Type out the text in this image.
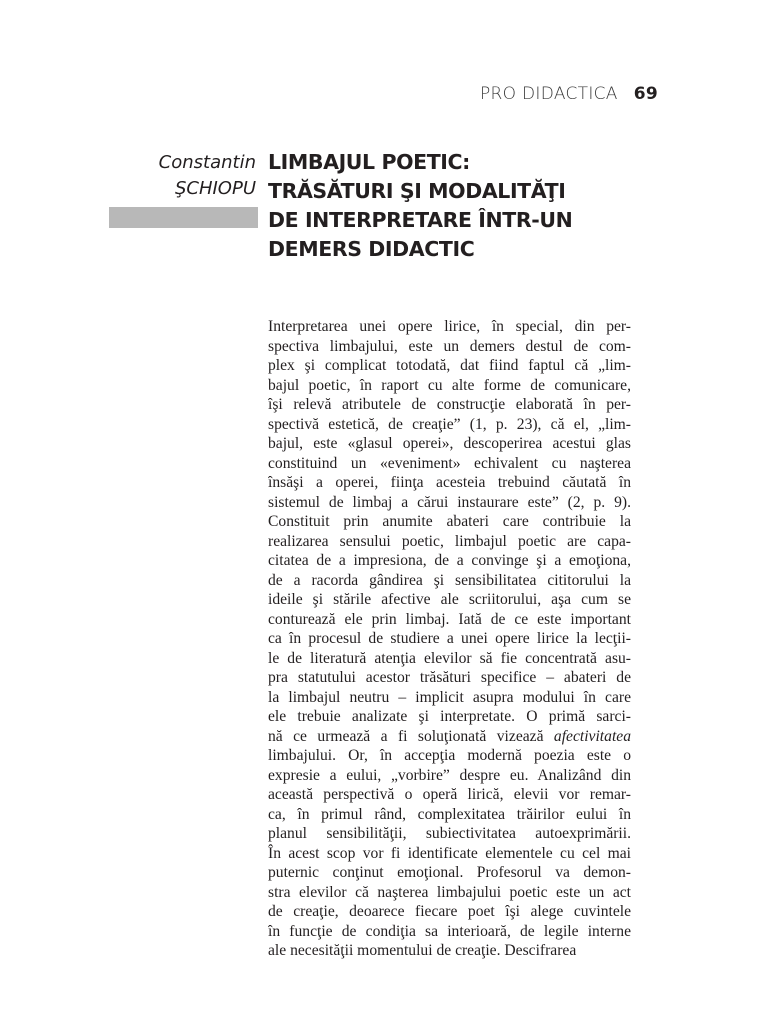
PRO DIDACTICA 69
Constantin
ŞCHIOPU
LIMBAJUL POETIC:
TRĂSĂTURI ŞI MODALITĂŢI
DE INTERPRETARE ÎNTR-UN
DEMERS DIDACTIC
Interpretarea unei opere lirice, în special, din per-
spectiva limbajului, este un demers destul de com-
plex şi complicat totodată, dat fiind faptul că „lim-
bajul poetic, în raport cu alte forme de comunicare,
îşi relevă atributele de construcţie elaborată în per-
spectivă estetică, de creaţie” (1, p. 23), că el, „lim-
bajul, este «glasul operei», descoperirea acestui glas
constituind un «eveniment» echivalent cu naşterea
însăşi a operei, fiinţa acesteia trebuind căutată în
sistemul de limbaj a cărui instaurare este” (2, p. 9).
Constituit prin anumite abateri care contribuie la
realizarea sensului poetic, limbajul poetic are capa-
citatea de a impresiona, de a convinge şi a emoţiona,
de a racorda gândirea şi sensibilitatea cititorului la
ideile şi stările afective ale scriitorului, aşa cum se
conturează ele prin limbaj. Iată de ce este important
ca în procesul de studiere a unei opere lirice la lecţii-
le de literatură atenţia elevilor să fie concentrată asu-
pra statutului acestor trăsături specifice – abateri de
la limbajul neutru – implicit asupra modului în care
ele trebuie analizate şi interpretate. O primă sarci-
nă ce urmează a fi soluţionată vizează afectivitatea
limbajului. Or, în accepţia modernă poezia este o
expresie a eului, „vorbire” despre eu. Analizând din
această perspectivă o operă lirică, elevii vor remar-
ca, în primul rând, complexitatea trăirilor eului în
planul sensibilităţii, subiectivitatea autoexprimării.
În acest scop vor fi identificate elementele cu cel mai
puternic conţinut emoţional. Profesorul va demon-
stra elevilor că naşterea limbajului poetic este un act
de creaţie, deoarece fiecare poet îşi alege cuvintele
în funcţie de condiţia sa interioară, de legile interne
ale necesităţii momentului de creaţie. Descifrarea
